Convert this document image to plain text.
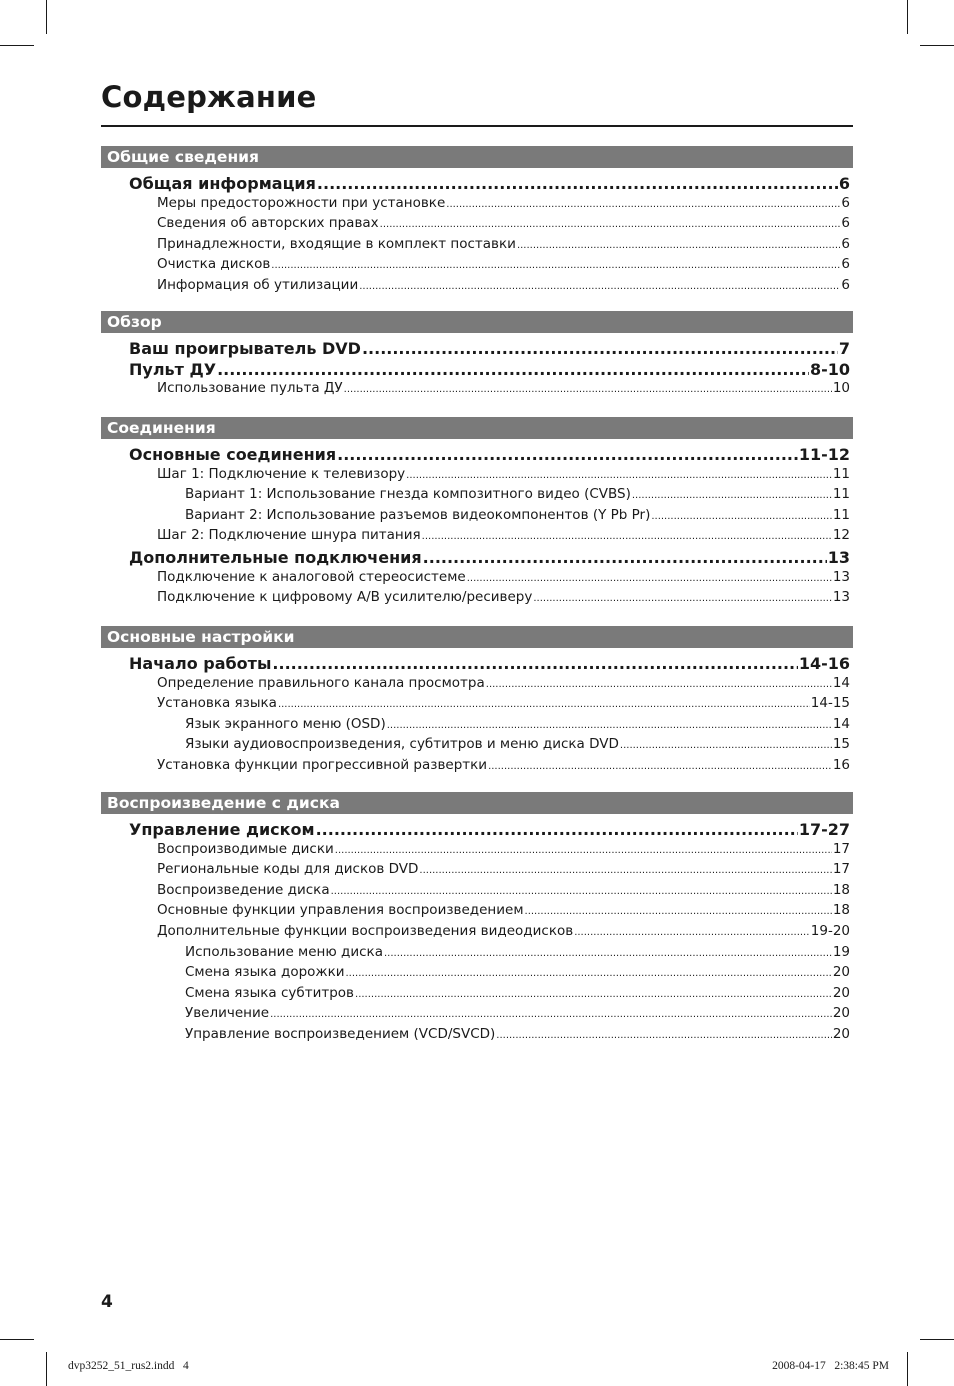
Содержание
Общие сведения
Общая информация .....	6
Меры предосторожности при установке .....	6
Сведения об авторских правах .....	6
Принадлежности, входящие в комплект поставки .....	6
Очистка дисков .....	6
Информация об утилизации .....	6
Обзор
Ваш проигрыватель DVD .....	7
Пульт ДУ .....	8-10
Использование пульта ДУ .....	10
Соединения
Основные соединения .....	11-12
Шаг 1: Подключение к телевизору .....	11
Вариант 1: Использование гнезда композитного видео (CVBS) .....	11
Вариант 2: Использование разъемов видеокомпонентов (Y Pb Pr) .....	11
Шаг 2: Подключение шнура питания .....	12
Дополнительные подключения .....	13
Подключение к аналоговой стереосистеме .....	13
Подключение к цифровому A/B усилителю/ресиверу .....	13
Основные настройки
Начало работы .....	14-16
Определение правильного канала просмотра .....	14
Установка языка .....	14-15
Язык экранного меню (OSD) .....	14
Языки аудиовоспроизведения, субтитров и меню диска DVD .....	15
Установка функции прогрессивной развертки .....	16
Воспроизведение с диска
Управление диском .....	17-27
Воспроизводимые диски .....	17
Региональные коды для дисков DVD .....	17
Воспроизведение диска .....	18
Основные функции управления воспроизведением .....	18
Дополнительные функции воспроизведения видеодисков .....	19-20
Использование меню диска .....	19
Смена языка дорожки .....	20
Смена языка субтитров .....	20
Увеличение .....	20
Управление воспроизведением (VCD/SVCD) .....	20
4
dvp3252_51_rus2.indd   4	2008-04-17   2:38:45 PM
